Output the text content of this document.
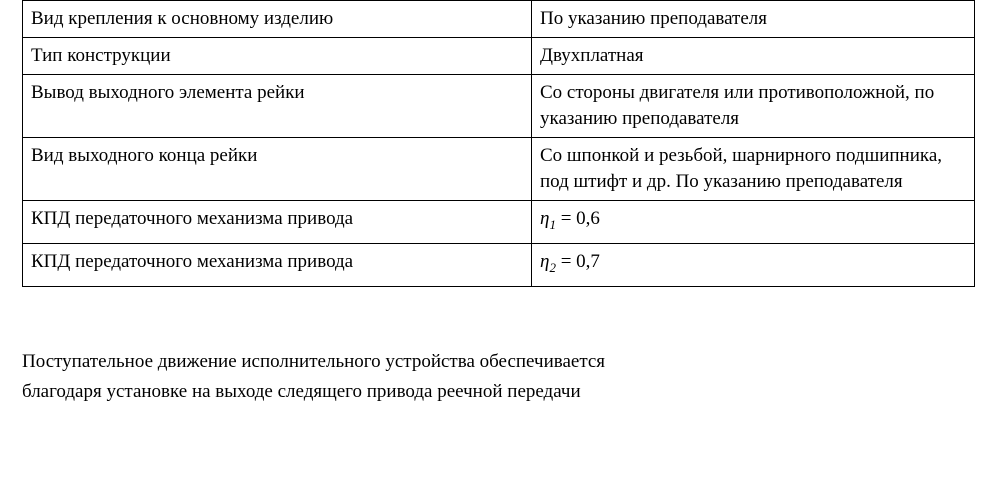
Вид крепления к основному изделию	По указанию преподавателя
Тип конструкции	Двухплатная
Вывод выходного элемента рейки	Со стороны двигателя или противоположной, по указанию преподавателя
Вид выходного конца рейки	Со шпонкой и резьбой, шарнирного подшипника, под штифт и др. По указанию преподавателя
КПД передаточного механизма привода	$\eta_1 = 0,6$
КПД передаточного механизма привода	$\eta_2 = 0,7$
Поступательное движение исполнительного устройства обеспечивается
благодаря установке на выходе следящего привода реечной передачи
